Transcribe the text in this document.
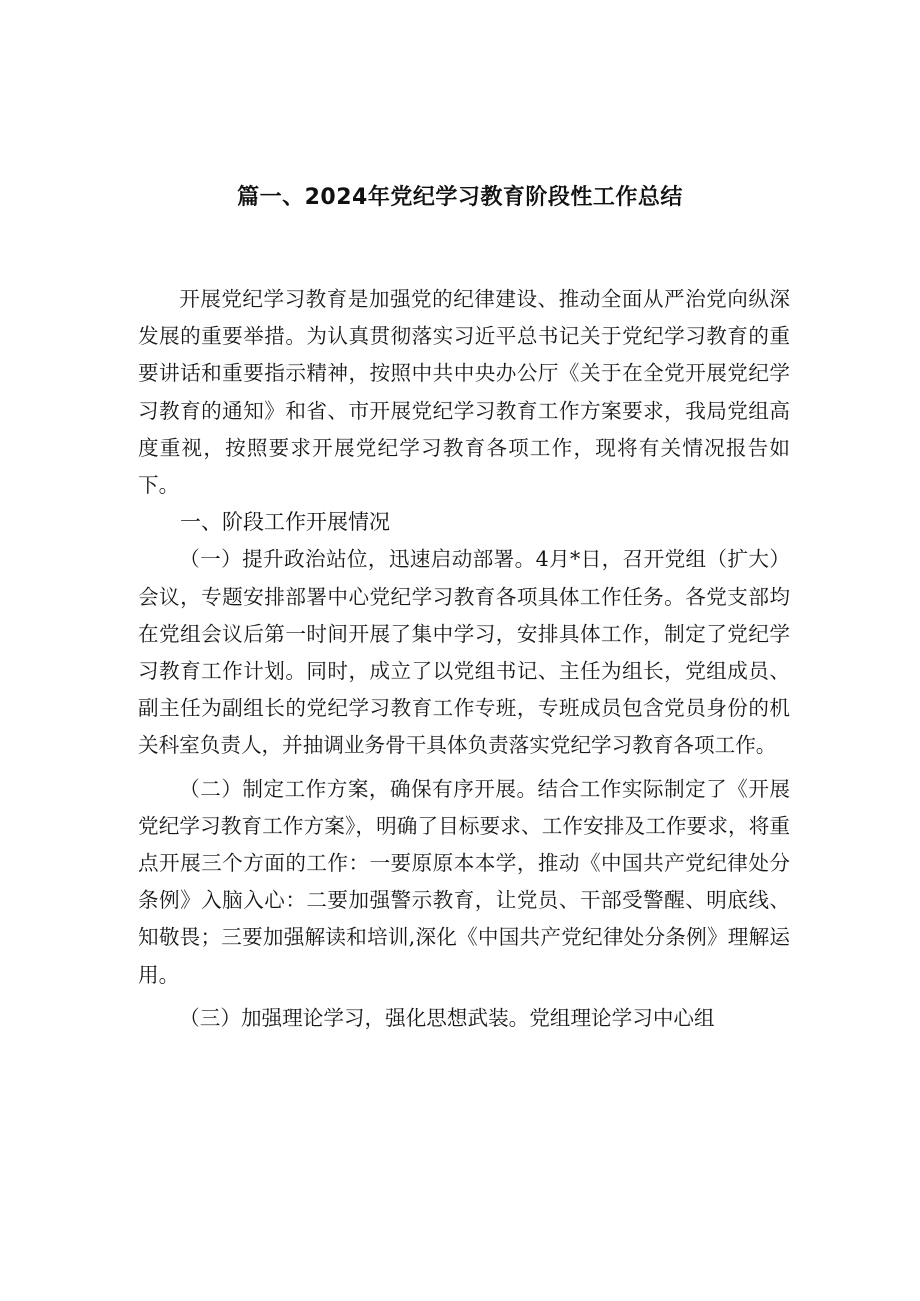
篇一、2024年党纪学习教育阶段性工作总结

开展党纪学习教育是加强党的纪律建设、推动全面从严治党向纵深发展的重要举措。为认真贯彻落实习近平总书记关于党纪学习教育的重要讲话和重要指示精神，按照中共中央办公厅《关于在全党开展党纪学习教育的通知》和省、市开展党纪学习教育工作方案要求，我局党组高度重视，按照要求开展党纪学习教育各项工作，现将有关情况报告如下。

一、阶段工作开展情况

（一）提升政治站位，迅速启动部署。4月*日，召开党组（扩大）会议，专题安排部署中心党纪学习教育各项具体工作任务。各党支部均在党组会议后第一时间开展了集中学习，安排具体工作，制定了党纪学习教育工作计划。同时，成立了以党组书记、主任为组长，党组成员、副主任为副组长的党纪学习教育工作专班，专班成员包含党员身份的机关科室负责人，并抽调业务骨干具体负责落实党纪学习教育各项工作。

（二）制定工作方案，确保有序开展。结合工作实际制定了《开展党纪学习教育工作方案》，明确了目标要求、工作安排及工作要求，将重点开展三个方面的工作：一要原原本本学，推动《中国共产党纪律处分条例》入脑入心：二要加强警示教育，让党员、干部受警醒、明底线、知敬畏；三要加强解读和培训,深化《中国共产党纪律处分条例》理解运用。

（三）加强理论学习，强化思想武装。党组理论学习中心组
